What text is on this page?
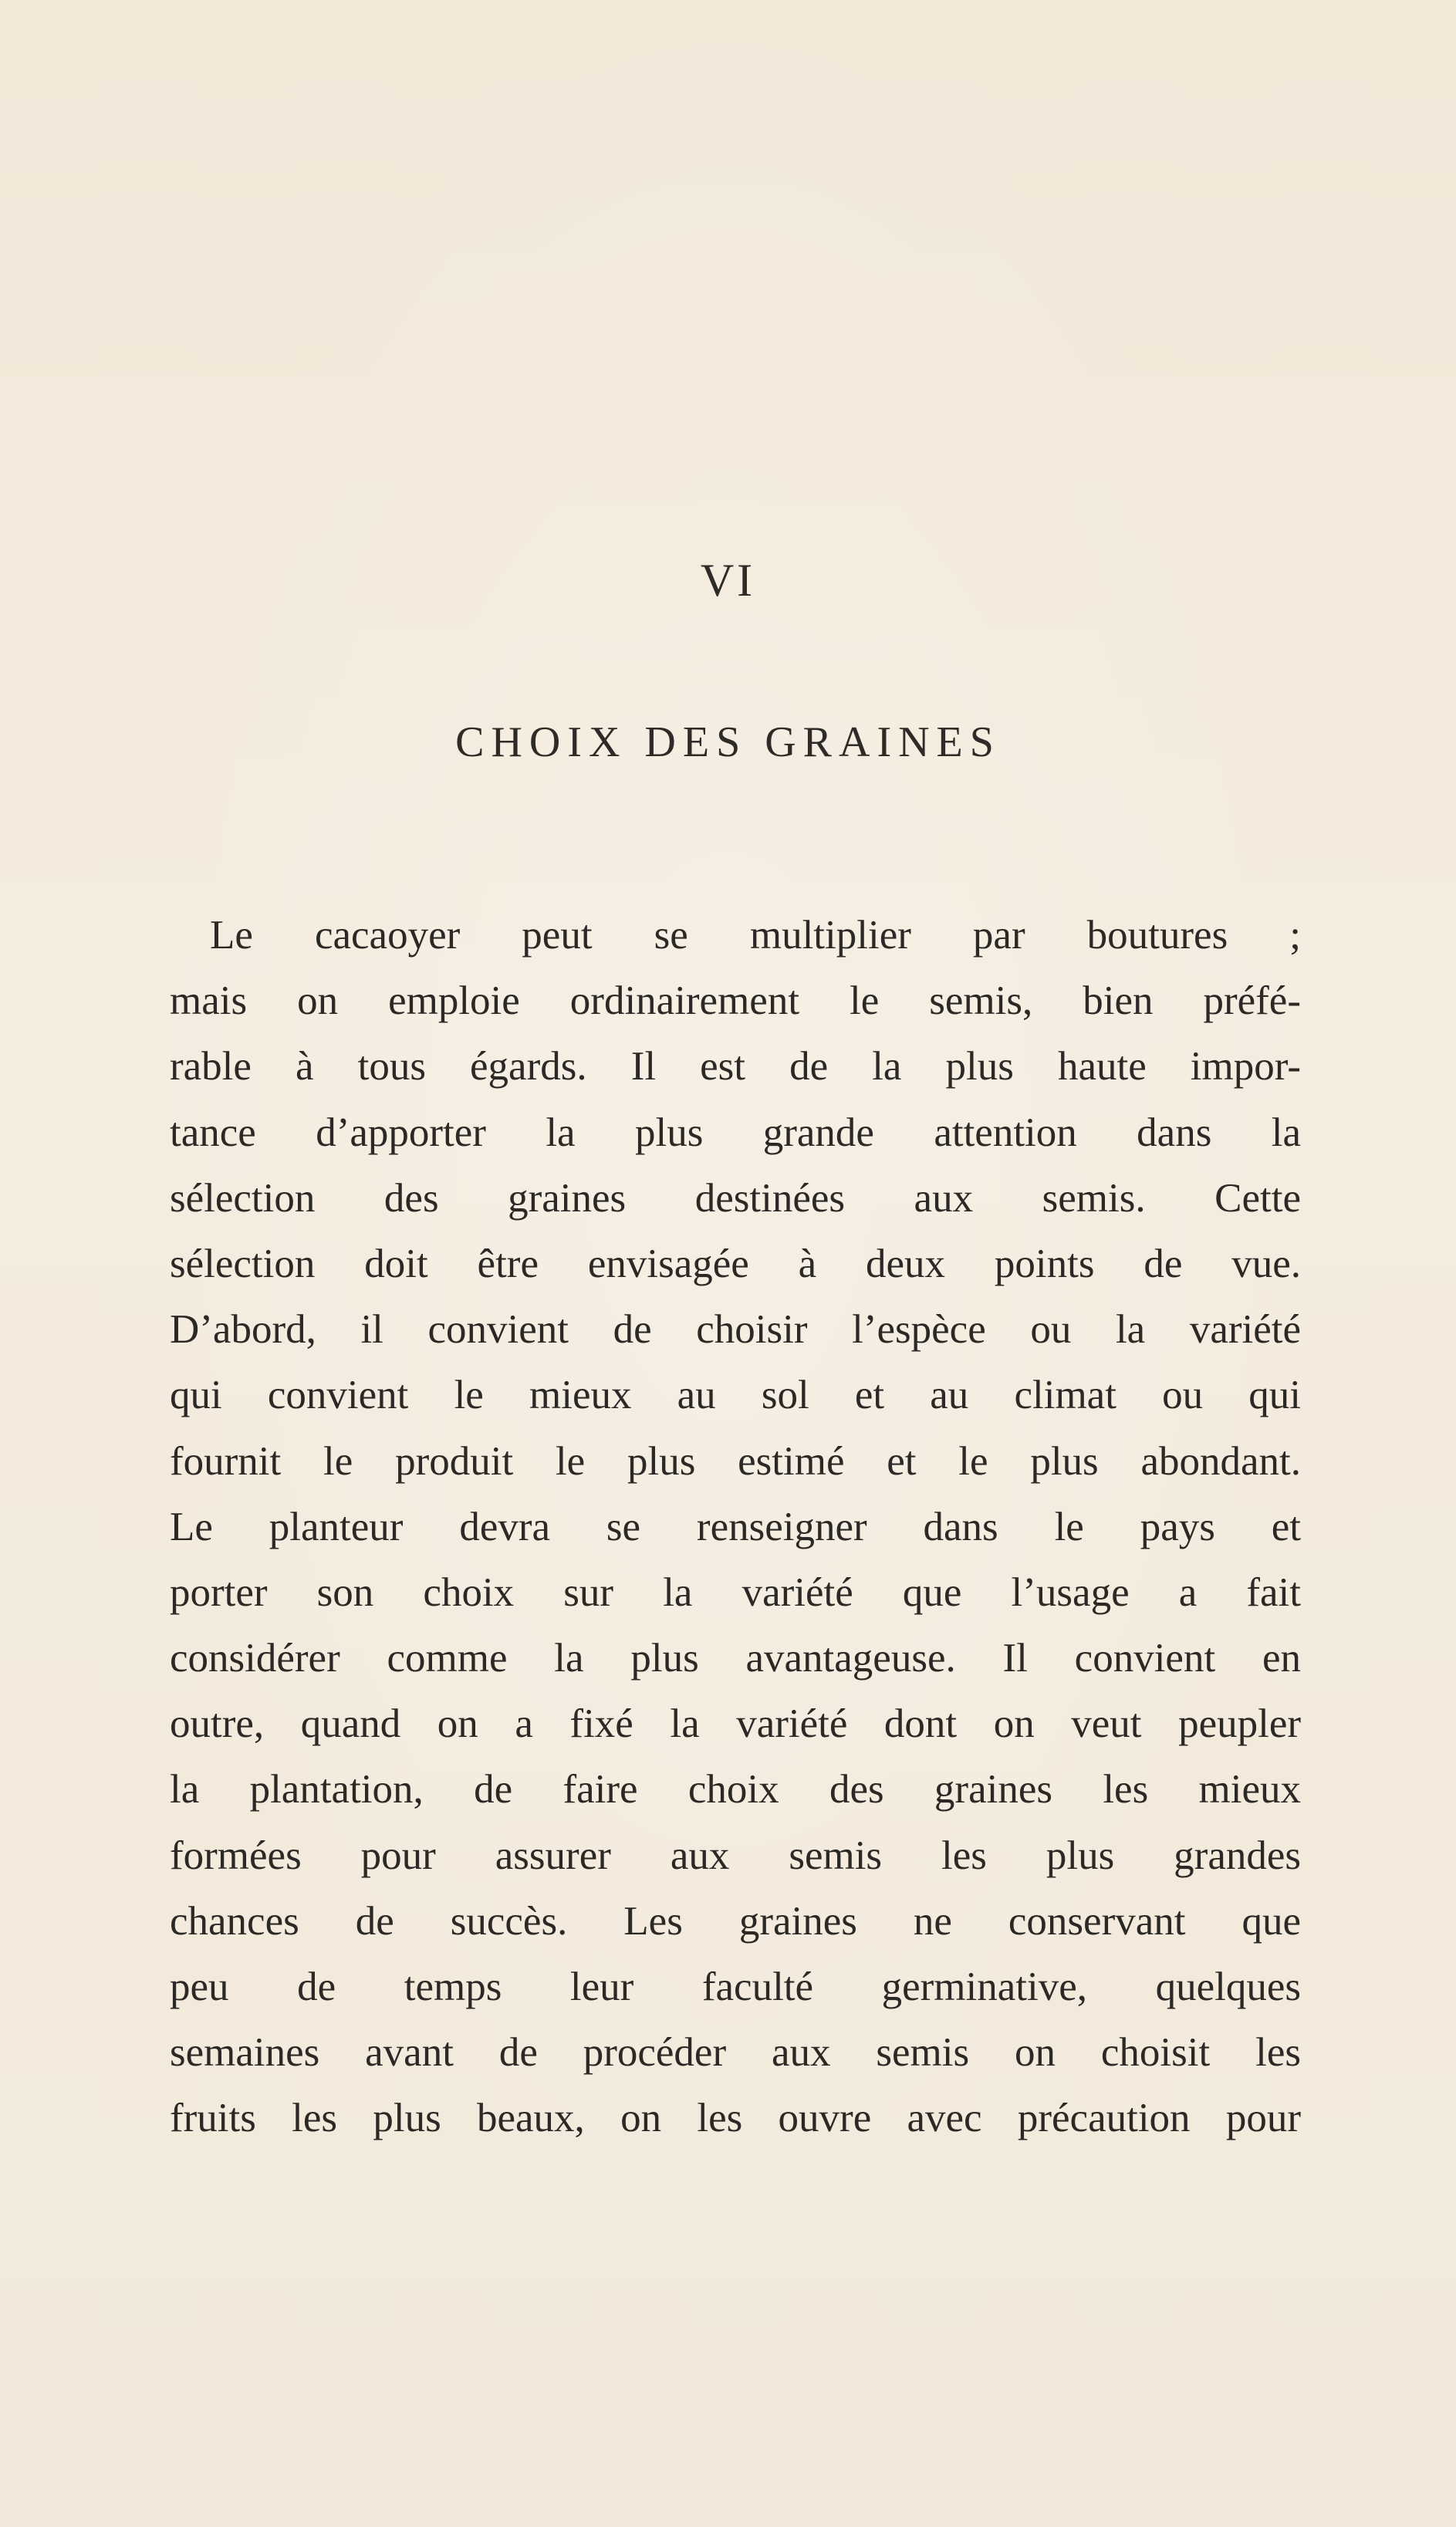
VI
CHOIX DES GRAINES
Le cacaoyer peut se multiplier par boutures ;
mais on emploie ordinairement le semis, bien préfé-
rable à tous égards. Il est de la plus haute impor-
tance d’apporter la plus grande attention dans la
sélection des graines destinées aux semis. Cette
sélection doit être envisagée à deux points de vue.
D’abord, il convient de choisir l’espèce ou la variété
qui convient le mieux au sol et au climat ou qui
fournit le produit le plus estimé et le plus abondant.
Le planteur devra se renseigner dans le pays et
porter son choix sur la variété que l’usage a fait
considérer comme la plus avantageuse. Il convient en
outre, quand on a fixé la variété dont on veut peupler
la plantation, de faire choix des graines les mieux
formées pour assurer aux semis les plus grandes
chances de succès. Les graines ne conservant que
peu de temps leur faculté germinative, quelques
semaines avant de procéder aux semis on choisit les
fruits les plus beaux, on les ouvre avec précaution pour
